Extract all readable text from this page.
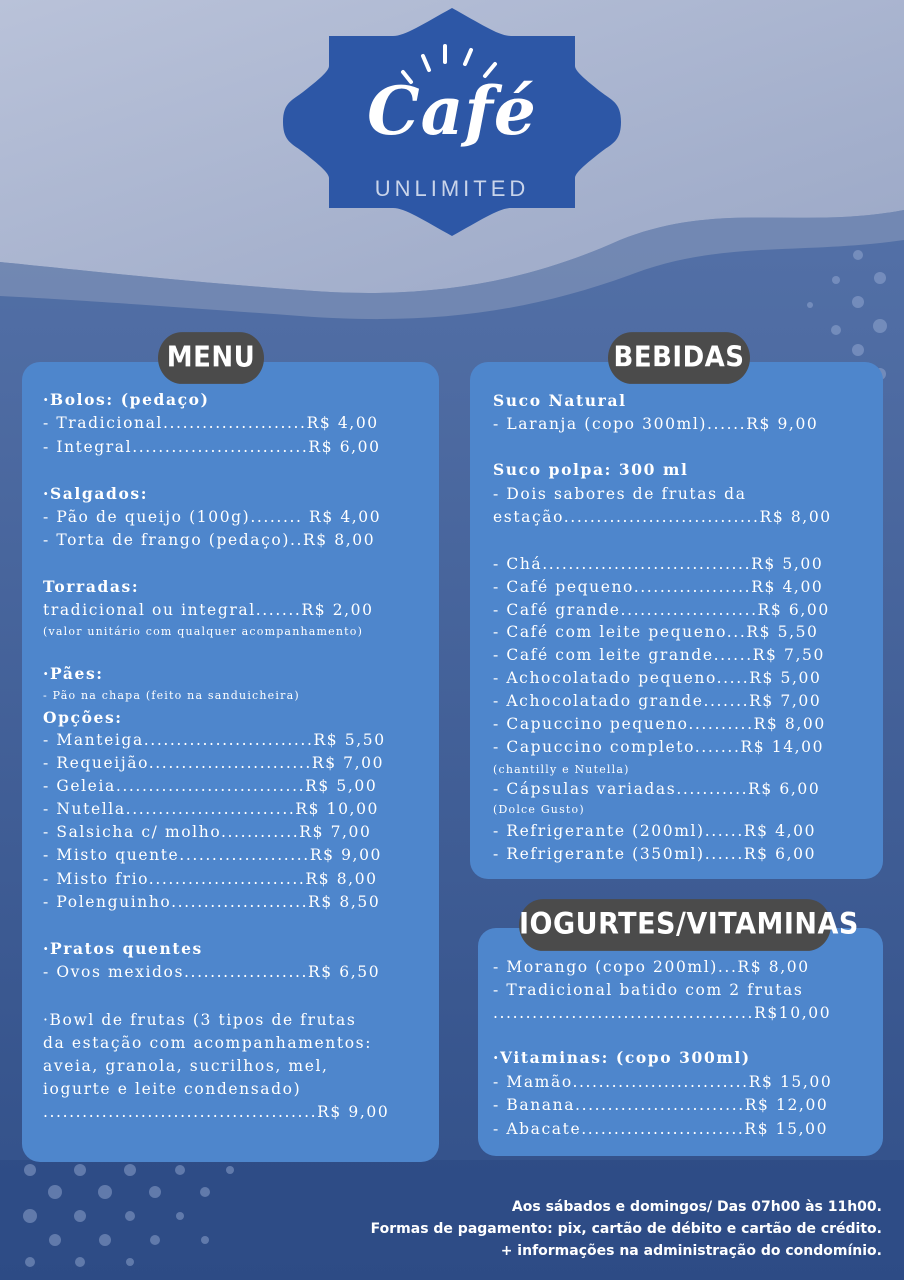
Café
UNLIMITED
MENU	BEBIDAS
IOGURTES/VITAMINAS
·Bolos: (pedaço)
- Tradicional......................R$ 4,00
- Integral...........................R$ 6,00
·Salgados:
- Pão de queijo (100g)........ R$ 4,00
- Torta de frango (pedaço)..R$ 8,00
Torradas:
tradicional ou integral.......R$ 2,00
(valor unitário com qualquer acompanhamento)
·Pães:
- Pão na chapa (feito na sanduicheira)
Opções:
- Manteiga..........................R$ 5,50
- Requeijão.........................R$ 7,00
- Geleia.............................R$ 5,00
- Nutella..........................R$ 10,00
- Salsicha c/ molho............R$ 7,00
- Misto quente....................R$ 9,00
- Misto frio........................R$ 8,00
- Polenguinho.....................R$ 8,50
·Pratos quentes
- Ovos mexidos...................R$ 6,50
·Bowl de frutas (3 tipos de frutas
da estação com acompanhamentos:
aveia, granola, sucrilhos, mel,
iogurte e leite condensado)
..........................................R$ 9,00
Suco Natural
- Laranja (copo 300ml)......R$ 9,00
Suco polpa: 300 ml
- Dois sabores de frutas da
estação..............................R$ 8,00
- Chá................................R$ 5,00
- Café pequeno..................R$ 4,00
- Café grande.....................R$ 6,00
- Café com leite pequeno...R$ 5,50
- Café com leite grande......R$ 7,50
- Achocolatado pequeno.....R$ 5,00
- Achocolatado grande.......R$ 7,00
- Capuccino pequeno..........R$ 8,00
- Capuccino completo.......R$ 14,00
(chantilly e Nutella)
- Cápsulas variadas...........R$ 6,00
(Dolce Gusto)
- Refrigerante (200ml)......R$ 4,00
- Refrigerante (350ml)......R$ 6,00
- Morango (copo 200ml)...R$ 8,00
- Tradicional batido com 2 frutas
........................................R$10,00
·Vitaminas: (copo 300ml)
- Mamão...........................R$ 15,00
- Banana..........................R$ 12,00
- Abacate.........................R$ 15,00
Aos sábados e domingos/ Das 07h00 às 11h00.
Formas de pagamento: pix, cartão de débito e cartão de crédito.
+ informações na administração do condomínio.
